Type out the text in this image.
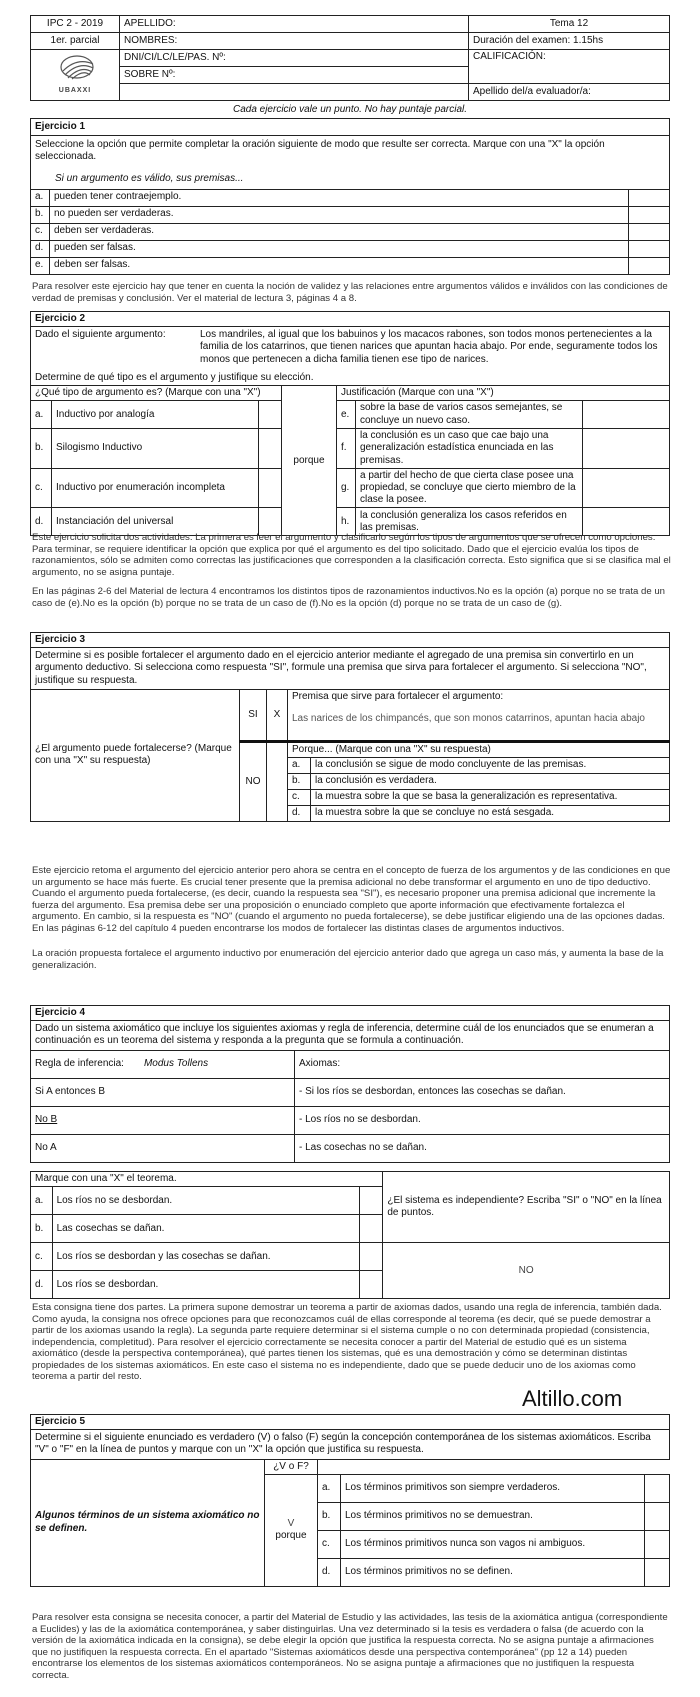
IPC 2 - 2019	APELLIDO:	Tema 12
1er. parcial	NOMBRES:	Duración del examen: 1.15hs

UBAXXI	DNI/CI/LC/LE/PAS. Nº:	CALIFICACIÓN:
	SOBRE Nº:	
		Apellido del/a evaluador/a:
Cada ejercicio vale un punto. No hay puntaje parcial.
Ejercicio 1		

Seleccione la opción que permite completar la oración siguiente de modo que resulte ser correcta. Marque con una "X" la opción seleccionada.
Si un argumento es válido, sus premisas...		

a.	pueden tener contraejemplo.	
b.	no pueden ser verdaderas.	
c.	deben ser verdaderas.	
d.	pueden ser falsas.	
e.	deben ser falsas.	
Para resolver este ejercicio hay que tener en cuenta la noción de validez y las relaciones entre argumentos válidos e inválidos con las condiciones de verdad de premisas y conclusión. Ver el material de lectura 3, páginas 4 a 8.
Ejercicio 2						

Dado el siguiente argumento: Los mandriles, al igual que los babuinos y los macacos rabones, son todos monos pertenecientes a la familia de los catarrinos, que tienen narices que apuntan hacia abajo. Por ende, seguramente todos los monos que pertenecen a dicha familia tienen ese tipo de narices.
Determine de qué tipo es el argumento y justifique su elección.						

¿Qué tipo de argumento es? (Marque con una "X")			porque	Justificación (Marque con una "X")		
a.	Inductivo por analogía			e.	sobre la base de varios casos semejantes, se concluye un nuevo caso.	
b.	Silogismo Inductivo			f.	la conclusión es un caso que cae bajo una generalización estadística enunciada en las premisas.	
c.	Inductivo por enumeración incompleta			g.	a partir del hecho de que cierta clase posee una propiedad, se concluye que cierto miembro de la clase la posee.	
d.	Instanciación del universal			h.	la conclusión generaliza los casos referidos en las premisas.	
Este ejercicio solicita dos actividades. La primera es leer el argumento y clasificarlo según los tipos de argumentos que se ofrecen como opciones. Para terminar, se requiere identificar la opción que explica por qué el argumento es del tipo solicitado. Dado que el ejercicio evalúa los tipos de razonamientos, sólo se admiten como correctas las justificaciones que corresponden a la clasificación correcta. Esto significa que si se clasifica mal el argumento, no se asigna puntaje.
En las páginas 2-6 del Material de lectura 4 encontramos los distintos tipos de razonamientos inductivos.No es la opción (a) porque no se trata de un caso de (e).No es la opción (b) porque no se trata de un caso de (f).No es la opción (d) porque no se trata de un caso de (g).
Ejercicio 3				
Determine si es posible fortalecer el argumento dado en el ejercicio anterior mediante el agregado de una premisa sin convertirlo en un argumento deductivo. Si selecciona como respuesta "SI", formule una premisa que sirva para fortalecer el argumento. Si selecciona "NO", justifique su respuesta.				
¿El argumento puede fortalecerse? (Marque con una "X" su respuesta)	SI	X	Premisa que sirve para fortalecer el argumento:
Las narices de los chimpancés, que son monos catarrinos, apuntan hacia abajo	

	NO		Porque... (Marque con una "X" su respuesta)	
			a.	la conclusión se sigue de modo concluyente de las premisas.
			b.	la conclusión es verdadera.
			c.	la muestra sobre la que se basa la generalización es representativa.
			d.	la muestra sobre la que se concluye no está sesgada.
Este ejercicio retoma el argumento del ejercicio anterior pero ahora se centra en el concepto de fuerza de los argumentos y de las condiciones en que un argumento se hace más fuerte. Es crucial tener presente que la premisa adicional no debe transformar el argumento en uno de tipo deductivo. Cuando el argumento pueda fortalecerse, (es decir, cuando la respuesta sea "SI"), es necesario proponer una premisa adicional que incremente la fuerza del argumento. Esa premisa debe ser una proposición o enunciado completo que aporte información que efectivamente fortalezca el argumento. En cambio, si la respuesta es "NO" (cuando el argumento no pueda fortalecerse), se debe justificar eligiendo una de las opciones dadas. En las páginas 6-12 del capítulo 4 pueden encontrarse los modos de fortalecer las distintas clases de argumentos inductivos.
La oración propuesta fortalece el argumento inductivo por enumeración del ejercicio anterior dado que agrega un caso más, y aumenta la base de la generalización.
Ejercicio 4	
Dado un sistema axiomático que incluye los siguientes axiomas y regla de inferencia, determine cuál de los enunciados que se enumeran a continuación es un teorema del sistema y responda a la pregunta que se formula a continuación.	
Regla de inferencia: Modus Tollens	Axiomas:
Si A entonces B	- Si los ríos se desbordan, entonces las cosechas se dañan.
No B	- Los ríos no se desbordan.
No A	- Las cosechas no se dañan.
Marque con una "X" el teorema.			¿El sistema es independiente? Escriba "SI" o "NO" en la línea de puntos.
a.	Los ríos no se desbordan.		
b.	Las cosechas se dañan.		
c.	Los ríos se desbordan y las cosechas se dañan.		NO
d.	Los ríos se desbordan.		
Esta consigna tiene dos partes. La primera supone demostrar un teorema a partir de axiomas dados, usando una regla de inferencia, también dada. Como ayuda, la consigna nos ofrece opciones para que reconozcamos cuál de ellas corresponde al teorema (es decir, qué se puede demostrar a partir de los axiomas usando la regla). La segunda parte requiere determinar si el sistema cumple o no con determinada propiedad (consistencia, independencia, completitud). Para resolver el ejercicio correctamente se necesita conocer a partir del Material de estudio qué es un sistema axiomático (desde la perspectiva contemporánea), qué partes tienen los sistemas, qué es una demostración y cómo se determinan distintas propiedades de los sistemas axiomáticos. En este caso el sistema no es independiente, dado que se puede deducir uno de los axiomas como teorema a partir del resto.
Altillo.com
Ejercicio 5				
Determine si el siguiente enunciado es verdadero (V) o falso (F) según la concepción contemporánea de los sistemas axiomáticos. Escriba "V" o "F" en la línea de puntos y marque con un "X" la opción que justifica su respuesta.				
Algunos términos de un sistema axiomático no se definen.	¿V o F?			

	V
porque	a.	Los términos primitivos son siempre verdaderos.	
		b.	Los términos primitivos no se demuestran.	
		c.	Los términos primitivos nunca son vagos ni ambiguos.	
		d.	Los términos primitivos no se definen.	
Para resolver esta consigna se necesita conocer, a partir del Material de Estudio y las actividades, las tesis de la axiomática antigua (correspondiente a Euclides) y las de la axiomática contemporánea, y saber distinguirlas. Una vez determinado si la tesis es verdadera o falsa (de acuerdo con la versión de la axiomática indicada en la consigna), se debe elegir la opción que justifica la respuesta correcta. No se asigna puntaje a afirmaciones que no justifiquen la respuesta correcta. En el apartado "Sistemas axiomáticos desde una perspectiva contemporánea" (pp 12 a 14) pueden encontrarse los elementos de los sistemas axiomáticos contemporáneos. No se asigna puntaje a afirmaciones que no justifiquen la respuesta correcta.
